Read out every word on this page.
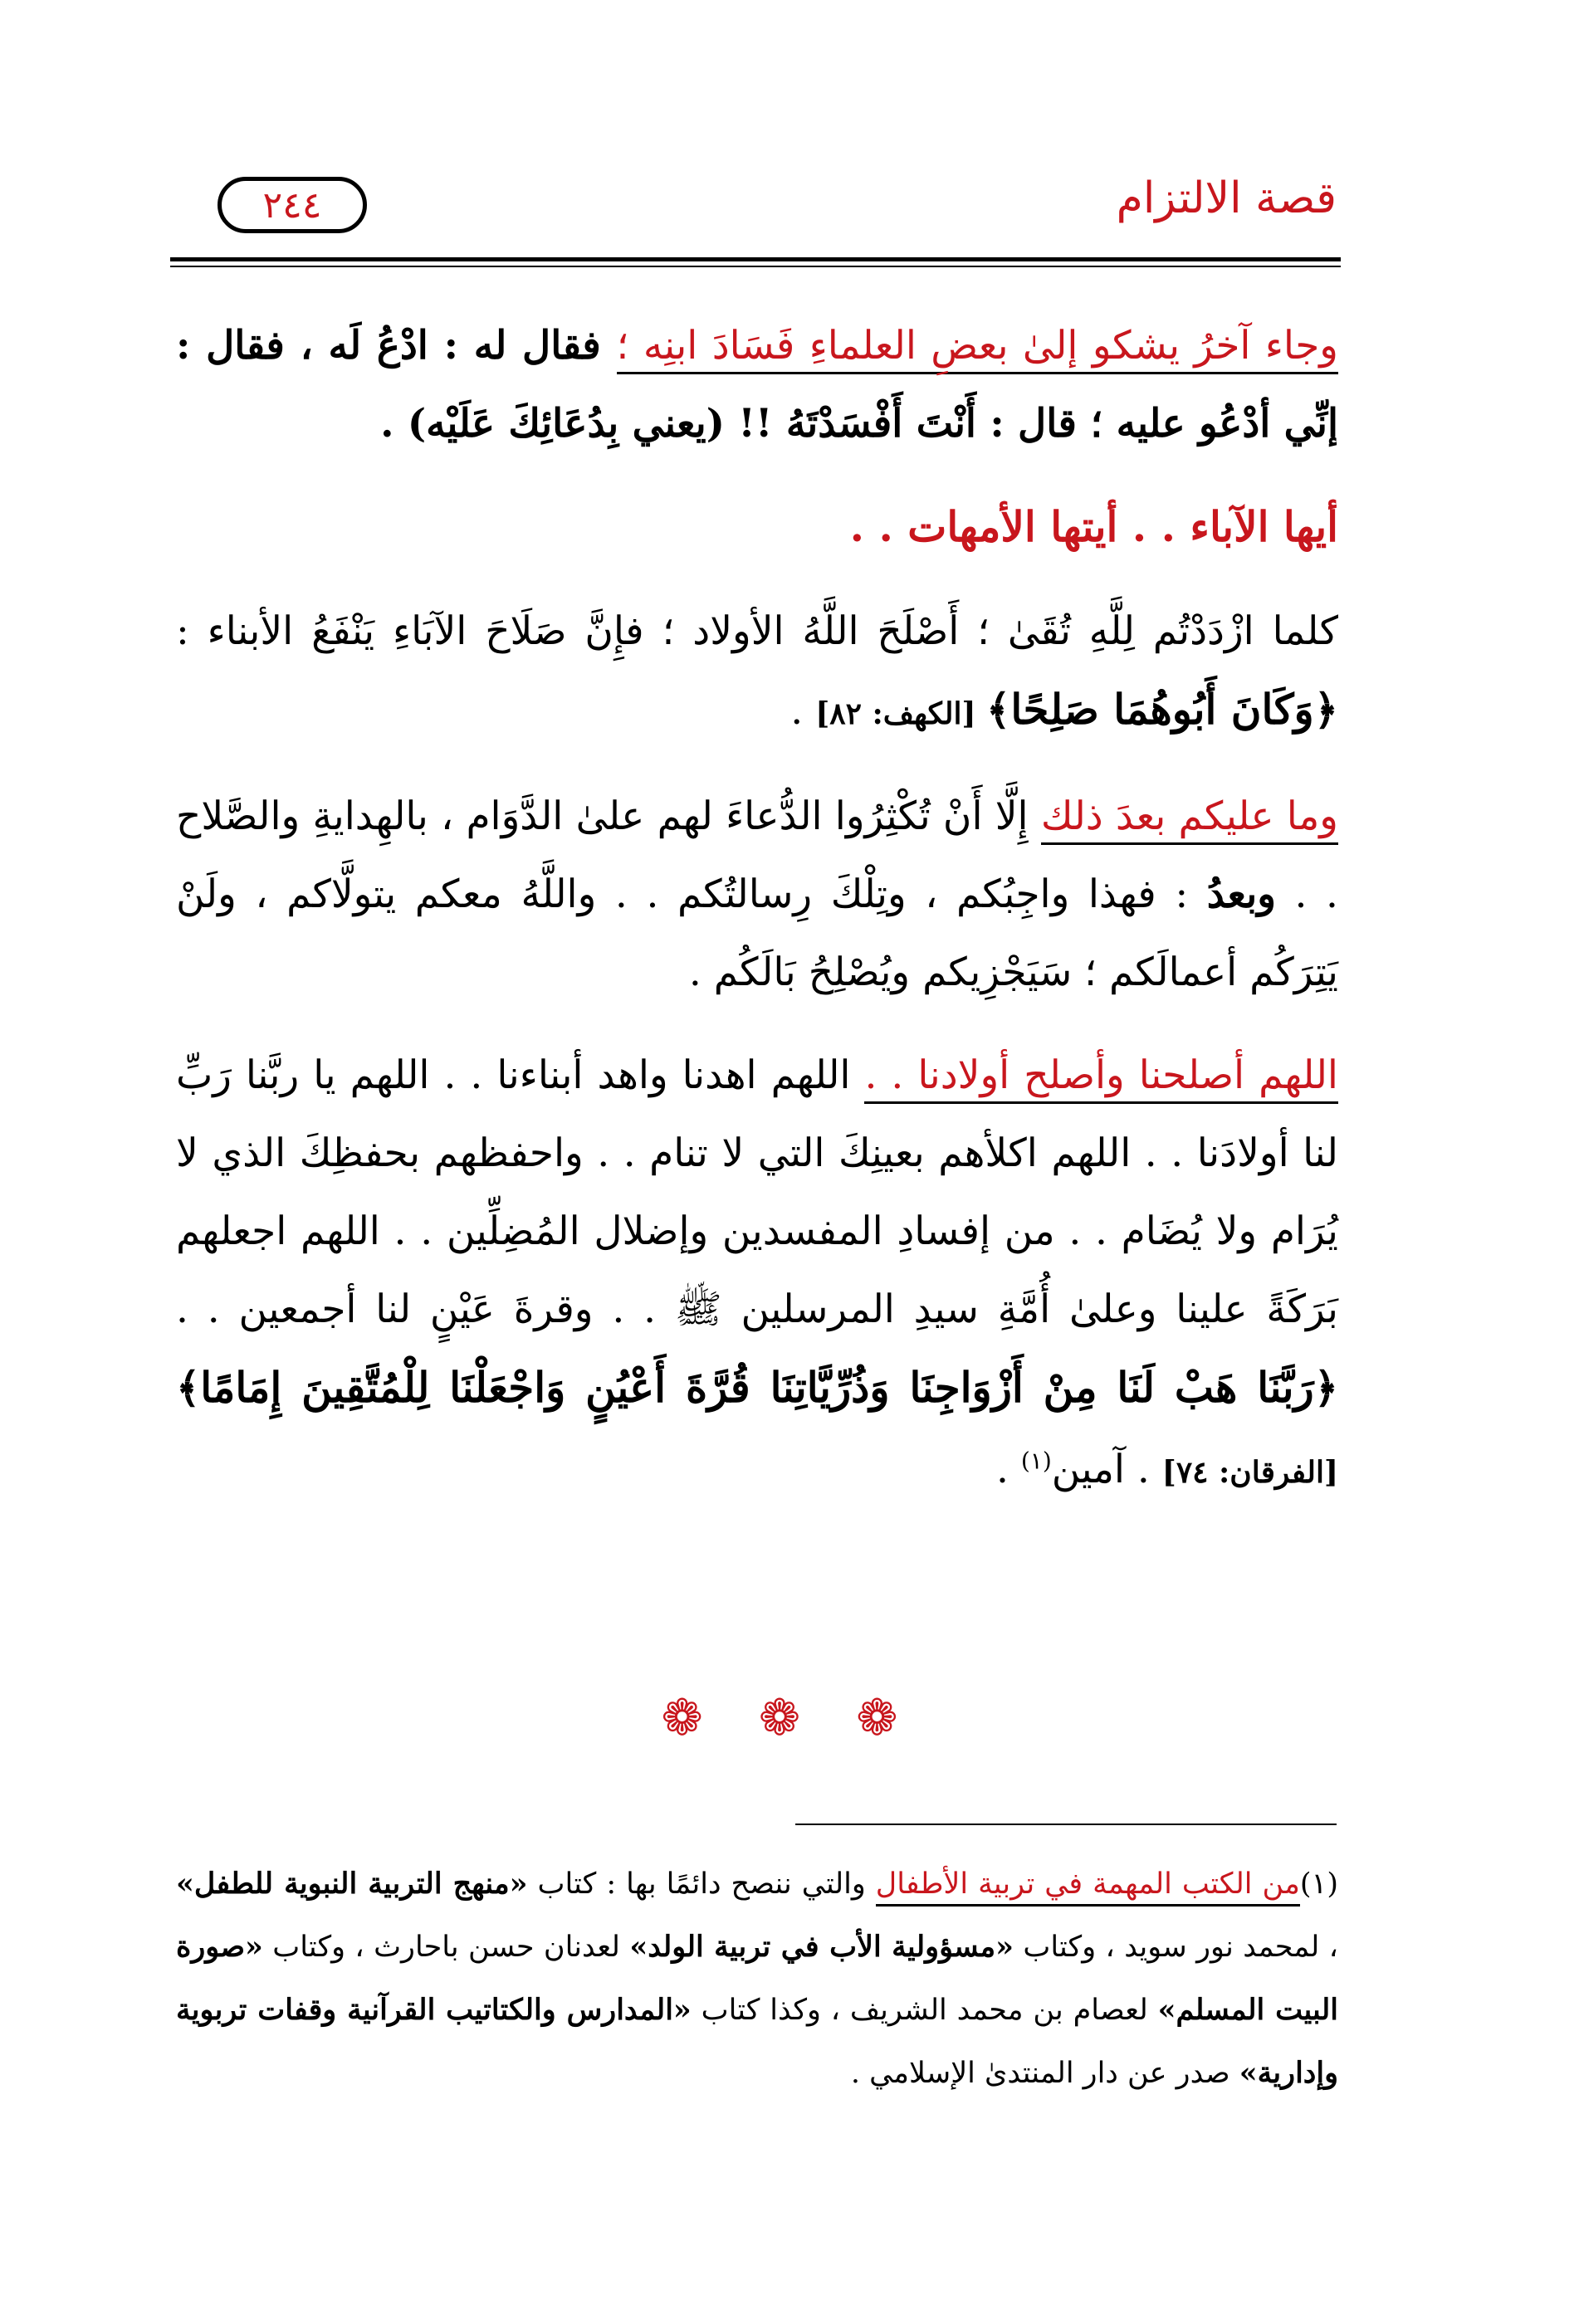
قصة الالتزام
٢٤٤

وجاء آخرُ يشكو إلىٰ بعضِ العلماءِ فَسَادَ ابنِه ؛ فقال له : ادْعُ لَه ، فقال : إنِّي أدْعُو عليه ؛ قال : أَنْتَ أَفْسَدْتَهُ !! (يعني بِدُعَائِكَ عَلَيْه) .

أيها الآباء . . أيتها الأمهات . .

كلما ازْدَدْتُم لِلَّهِ تُقَىٰ ؛ أَصْلَحَ اللَّهُ الأولاد ؛ فإِنَّ صَلَاحَ الآبَاءِ يَنْفَعُ الأبناء : ﴿وَكَانَ أَبُوهُمَا صَلِحًا﴾ [الكهف: ٨٢] .

وما عليكم بعدَ ذلك إِلَّا أَنْ تُكْثِرُوا الدُّعاءَ لهم علىٰ الدَّوَام ، بالهِدايةِ والصَّلاح . . وبعدُ : فهذا واجِبُكم ، وتِلْكَ رِسالتُكم . . واللَّهُ معكم يتولَّاكم ، ولَنْ يَتِرَكُم أعمالَكم ؛ سَيَجْزِيكم ويُصْلِحُ بَالَكُم .

اللهم أصلحنا وأصلح أولادنا . . اللهم اهدنا واهد أبناءنا . . اللهم يا ربَّنا رَبِّ لنا أولادَنا . . اللهم اكلأهم بعينِكَ التي لا تنام . . واحفظهم بحفظِكَ الذي لا يُرَام ولا يُضَام . . من إفسادِ المفسدين وإضلال المُضِلِّين . . اللهم اجعلهم بَرَكَةً علينا وعلىٰ أُمَّةِ سيدِ المرسلين ﷺ . . وقرةَ عَيْنٍ لنا أجمعين . . ﴿رَبَّنَا هَبْ لَنَا مِنْ أَزْوَاجِنَا وَذُرِّيَّاتِنَا قُرَّةَ أَعْيُنٍ وَاجْعَلْنَا لِلْمُتَّقِينَ إِمَامًا﴾ [الفرقان: ٧٤] . آمين$^{(١)}$ .

❁ ❁ ❁

(١)من الكتب المهمة في تربية الأطفال والتي ننصح دائمًا بها : كتاب «منهج التربية النبوية للطفل» ، لمحمد نور سويد ، وكتاب «مسؤولية الأب في تربية الولد» لعدنان حسن باحارث ، وكتاب «صورة البيت المسلم» لعصام بن محمد الشريف ، وكذا كتاب «المدارس والكتاتيب القرآنية وقفات تربوية وإدارية» صدر عن دار المنتدىٰ الإسلامي .
